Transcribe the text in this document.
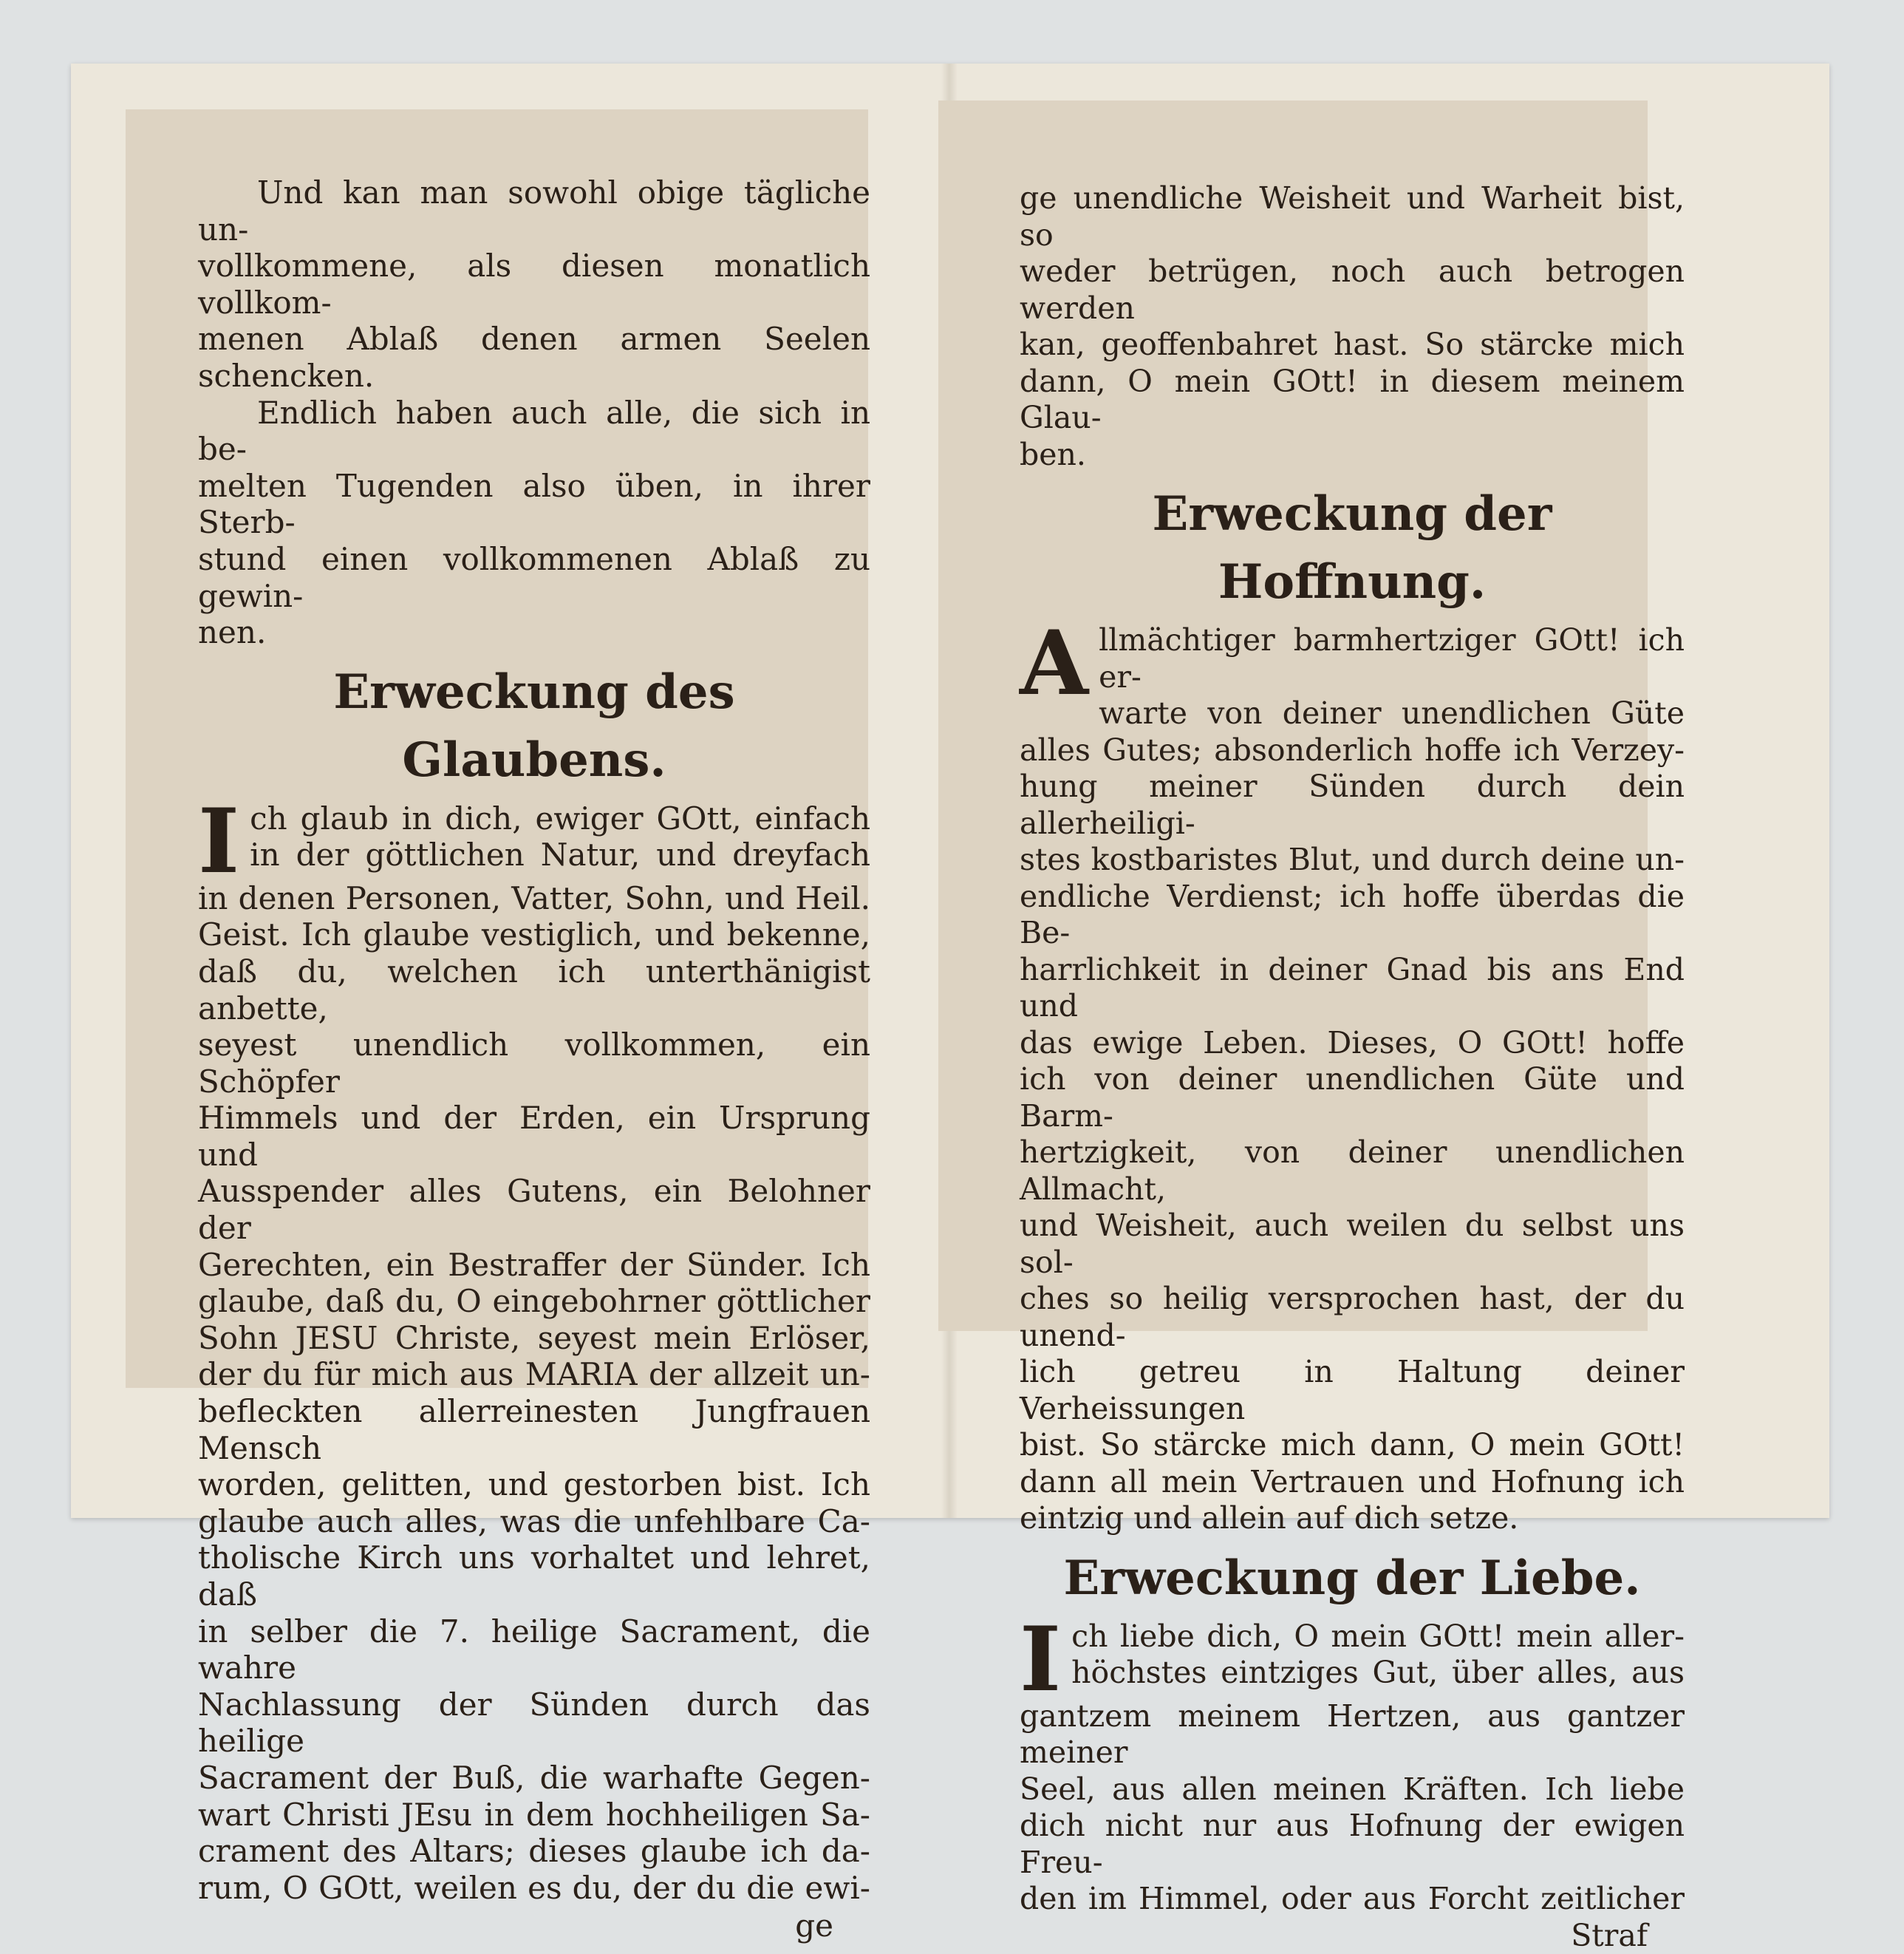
Und kan man sowohl obige tägliche un-

vollkommene, als diesen monatlich vollkom-

menen Ablaß denen armen Seelen schencken.

Endlich haben auch alle, die sich in be-

melten Tugenden also üben, in ihrer Sterb-

stund einen vollkommenen Ablaß zu gewin-

nen.

Erweckung des Glaubens.
I ch glaub in dich, ewiger GOtt, einfach

in der göttlichen Natur, und dreyfach

in denen Personen, Vatter, Sohn, und Heil.

Geist. Ich glaube vestiglich, und bekenne,

daß du, welchen ich unterthänigist anbette,

seyest unendlich vollkommen, ein Schöpfer

Himmels und der Erden, ein Ursprung und

Ausspender alles Gutens, ein Belohner der

Gerechten, ein Bestraffer der Sünder. Ich

glaube, daß du, O eingebohrner göttlicher

Sohn JESU Christe, seyest mein Erlöser,

der du für mich aus MARIA der allzeit un-

befleckten allerreinesten Jungfrauen Mensch

worden, gelitten, und gestorben bist. Ich

glaube auch alles, was die unfehlbare Ca-

tholische Kirch uns vorhaltet und lehret, daß

in selber die 7. heilige Sacrament, die wahre

Nachlassung der Sünden durch das heilige

Sacrament der Buß, die warhafte Gegen-

wart Christi JEsu in dem hochheiligen Sa-

crament des Altars; dieses glaube ich da-

rum, O GOtt, weilen es du, der du die ewi-

ge

ge unendliche Weisheit und Warheit bist, so

weder betrügen, noch auch betrogen werden

kan, geoffenbahret hast. So stärcke mich

dann, O mein GOtt! in diesem meinem Glau-

ben.

Erweckung der Hoffnung.
A llmächtiger barmhertziger GOtt! ich er-

warte von deiner unendlichen Güte

alles Gutes; absonderlich hoffe ich Verzey-

hung meiner Sünden durch dein allerheiligi-

stes kostbaristes Blut, und durch deine un-

endliche Verdienst; ich hoffe überdas die Be-

harrlichkeit in deiner Gnad bis ans End und

das ewige Leben. Dieses, O GOtt! hoffe

ich von deiner unendlichen Güte und Barm-

hertzigkeit, von deiner unendlichen Allmacht,

und Weisheit, auch weilen du selbst uns sol-

ches so heilig versprochen hast, der du unend-

lich getreu in Haltung deiner Verheissungen

bist. So stärcke mich dann, O mein GOtt!

dann all mein Vertrauen und Hofnung ich

eintzig und allein auf dich setze.

Erweckung der Liebe.
I ch liebe dich, O mein GOtt! mein aller-

höchstes eintziges Gut, über alles, aus

gantzem meinem Hertzen, aus gantzer meiner

Seel, aus allen meinen Kräften. Ich liebe

dich nicht nur aus Hofnung der ewigen Freu-

den im Himmel, oder aus Forcht zeitlicher

Straf
